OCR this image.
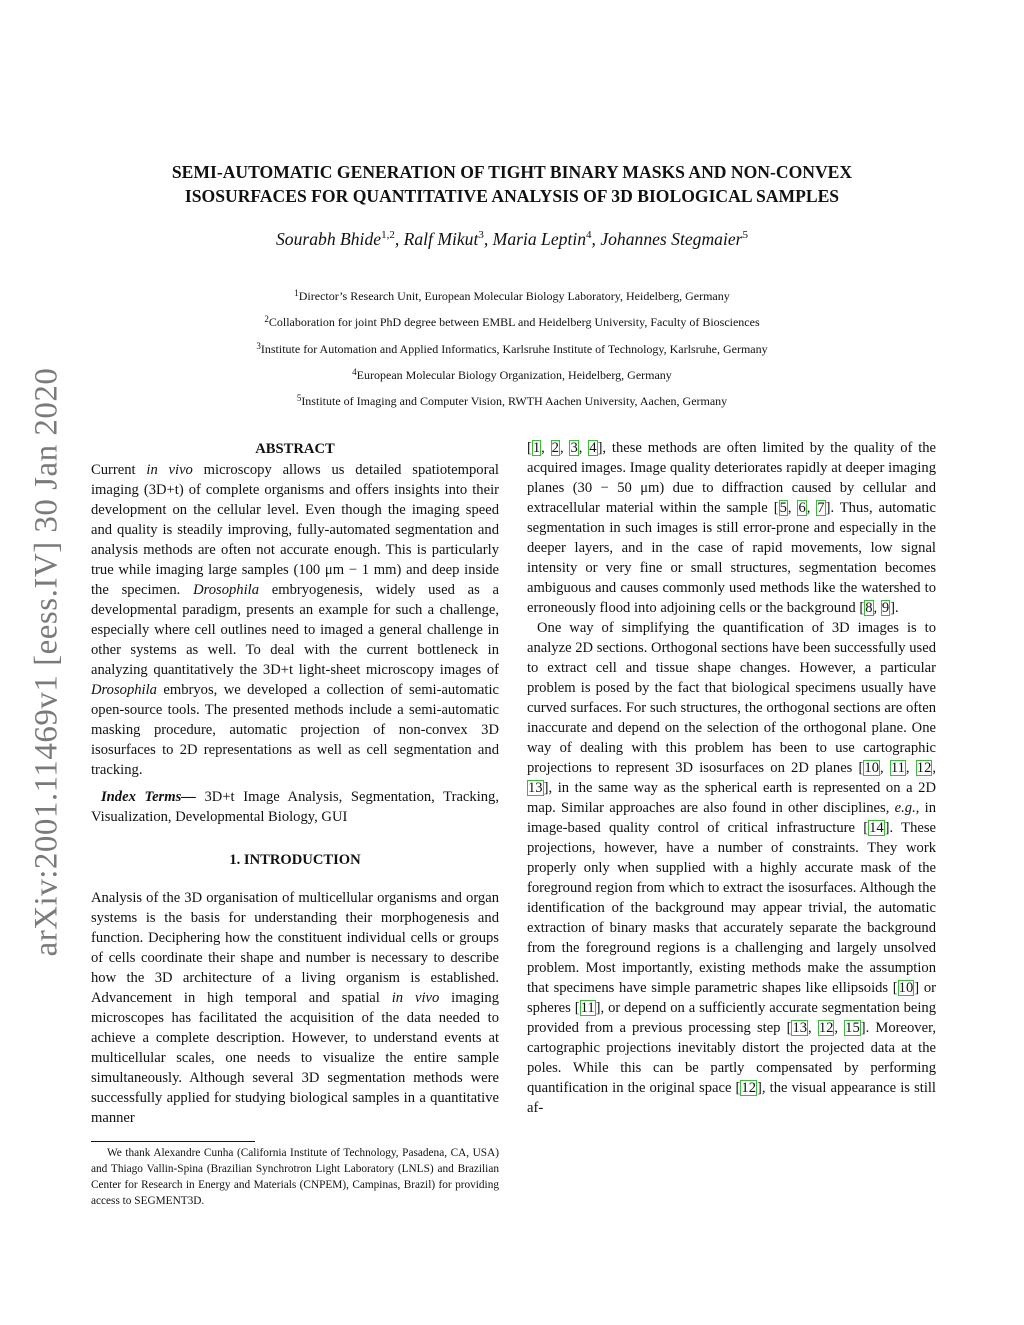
arXiv:2001.11469v1 [eess.IV] 30 Jan 2020
SEMI-AUTOMATIC GENERATION OF TIGHT BINARY MASKS AND NON-CONVEX
ISOSURFACES FOR QUANTITATIVE ANALYSIS OF 3D BIOLOGICAL SAMPLES
Sourabh Bhide$^{1,2}$, Ralf Mikut$^3$, Maria Leptin$^4$, Johannes Stegmaier$^5$
$^1$Director’s Research Unit, European Molecular Biology Laboratory, Heidelberg, Germany
$^2$Collaboration for joint PhD degree between EMBL and Heidelberg University, Faculty of Biosciences
$^3$Institute for Automation and Applied Informatics, Karlsruhe Institute of Technology, Karlsruhe, Germany
$^4$European Molecular Biology Organization, Heidelberg, Germany
$^5$Institute of Imaging and Computer Vision, RWTH Aachen University, Aachen, Germany
ABSTRACT

Current in vivo microscopy allows us detailed spatiotemporal imaging (3D+t) of complete organisms and offers insights into their development on the cellular level. Even though the imaging speed and quality is steadily improving, fully-automated segmentation and analysis methods are often not accurate enough. This is particularly true while imaging large samples (100 μm − 1 mm) and deep inside the specimen. Drosophila embryogenesis, widely used as a developmental paradigm, presents an example for such a challenge, especially where cell outlines need to imaged a general challenge in other systems as well. To deal with the current bottleneck in analyzing quantitatively the 3D+t light-sheet microscopy images of Drosophila embryos, we developed a collection of semi-automatic open-source tools. The presented methods include a semi-automatic masking procedure, automatic projection of non-convex 3D isosurfaces to 2D representations as well as cell segmentation and tracking.

Index Terms— 3D+t Image Analysis, Segmentation, Tracking, Visualization, Developmental Biology, GUI

1. INTRODUCTION

Analysis of the 3D organisation of multicellular organisms and organ systems is the basis for understanding their morphogenesis and function. Deciphering how the constituent individual cells or groups of cells coordinate their shape and number is necessary to describe how the 3D architecture of a living organism is established. Advancement in high temporal and spatial in vivo imaging microscopes has facilitated the acquisition of the data needed to achieve a complete description. However, to understand events at multicellular scales, one needs to visualize the entire sample simultaneously. Although several 3D segmentation methods were successfully applied for studying biological samples in a quantitative manner

We thank Alexandre Cunha (California Institute of Technology, Pasadena, CA, USA) and Thiago Vallin-Spina (Brazilian Synchrotron Light Laboratory (LNLS) and Brazilian Center for Research in Energy and Materials (CNPEM), Campinas, Brazil) for providing access to SEGMENT3D.

[1, 2, 3, 4], these methods are often limited by the quality of the acquired images. Image quality deteriorates rapidly at deeper imaging planes (30 − 50 μm) due to diffraction caused by cellular and extracellular material within the sample [5, 6, 7]. Thus, automatic segmentation in such images is still error-prone and especially in the deeper layers, and in the case of rapid movements, low signal intensity or very fine or small structures, segmentation becomes ambiguous and causes commonly used methods like the watershed to erroneously flood into adjoining cells or the background [8, 9].

One way of simplifying the quantification of 3D images is to analyze 2D sections. Orthogonal sections have been successfully used to extract cell and tissue shape changes. However, a particular problem is posed by the fact that biological specimens usually have curved surfaces. For such structures, the orthogonal sections are often inaccurate and depend on the selection of the orthogonal plane. One way of dealing with this problem has been to use cartographic projections to represent 3D isosurfaces on 2D planes [10, 11, 12, 13], in the same way as the spherical earth is represented on a 2D map. Similar approaches are also found in other disciplines, e.g., in image-based quality control of critical infrastructure [14]. These projections, however, have a number of constraints. They work properly only when supplied with a highly accurate mask of the foreground region from which to extract the isosurfaces. Although the identification of the background may appear trivial, the automatic extraction of binary masks that accurately separate the background from the foreground regions is a challenging and largely unsolved problem. Most importantly, existing methods make the assumption that specimens have simple parametric shapes like ellipsoids [10] or spheres [11], or depend on a sufficiently accurate segmentation being provided from a previous processing step [13, 12, 15]. Moreover, cartographic projections inevitably distort the projected data at the poles. While this can be partly compensated by performing quantification in the original space [12], the visual appearance is still af-
